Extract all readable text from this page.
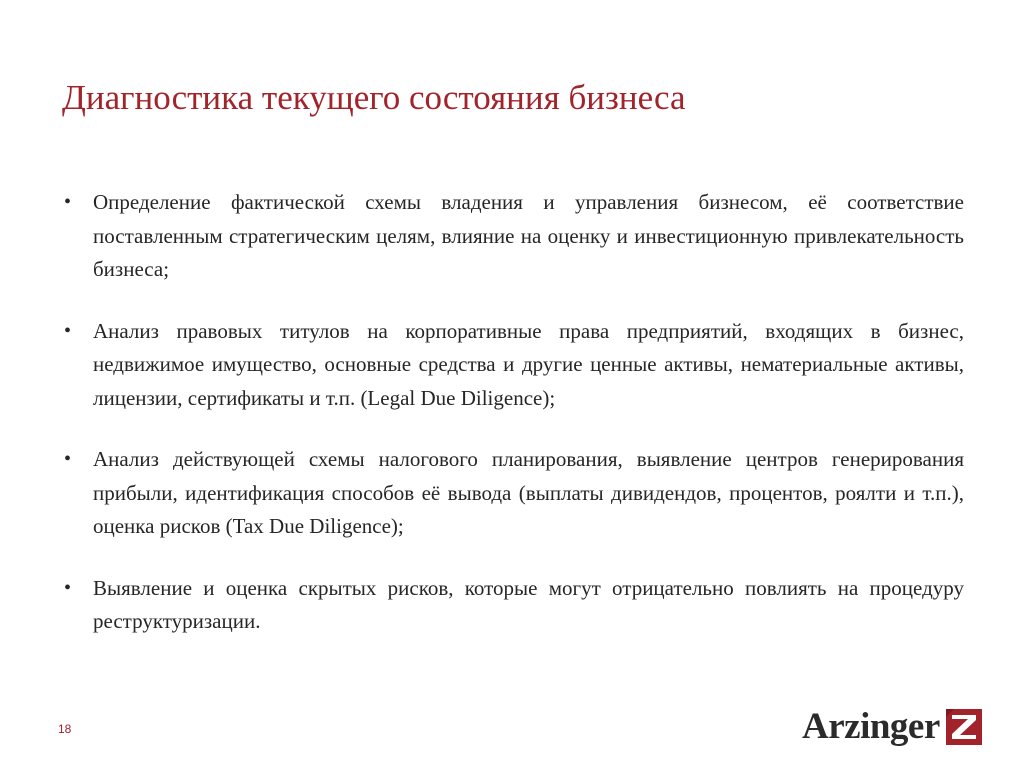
Диагностика текущего состояния бизнеса
• Определение фактической схемы владения и управления бизнесом, её соответствие поставленным стратегическим целям, влияние на оценку и инвестиционную привлекательность бизнеса;
• Анализ правовых титулов на корпоративные права предприятий, входящих в бизнес, недвижимое имущество, основные средства и другие ценные активы, нематериальные активы, лицензии, сертификаты и т.п. (Legal Due Diligence);
• Анализ действующей схемы налогового планирования, выявление центров генерирования прибыли, идентификация способов её вывода (выплаты дивидендов, процентов, роялти и т.п.), оценка рисков (Tax Due Diligence);
• Выявление и оценка скрытых рисков, которые могут отрицательно повлиять на процедуру реструктуризации.
18	Arzinger
